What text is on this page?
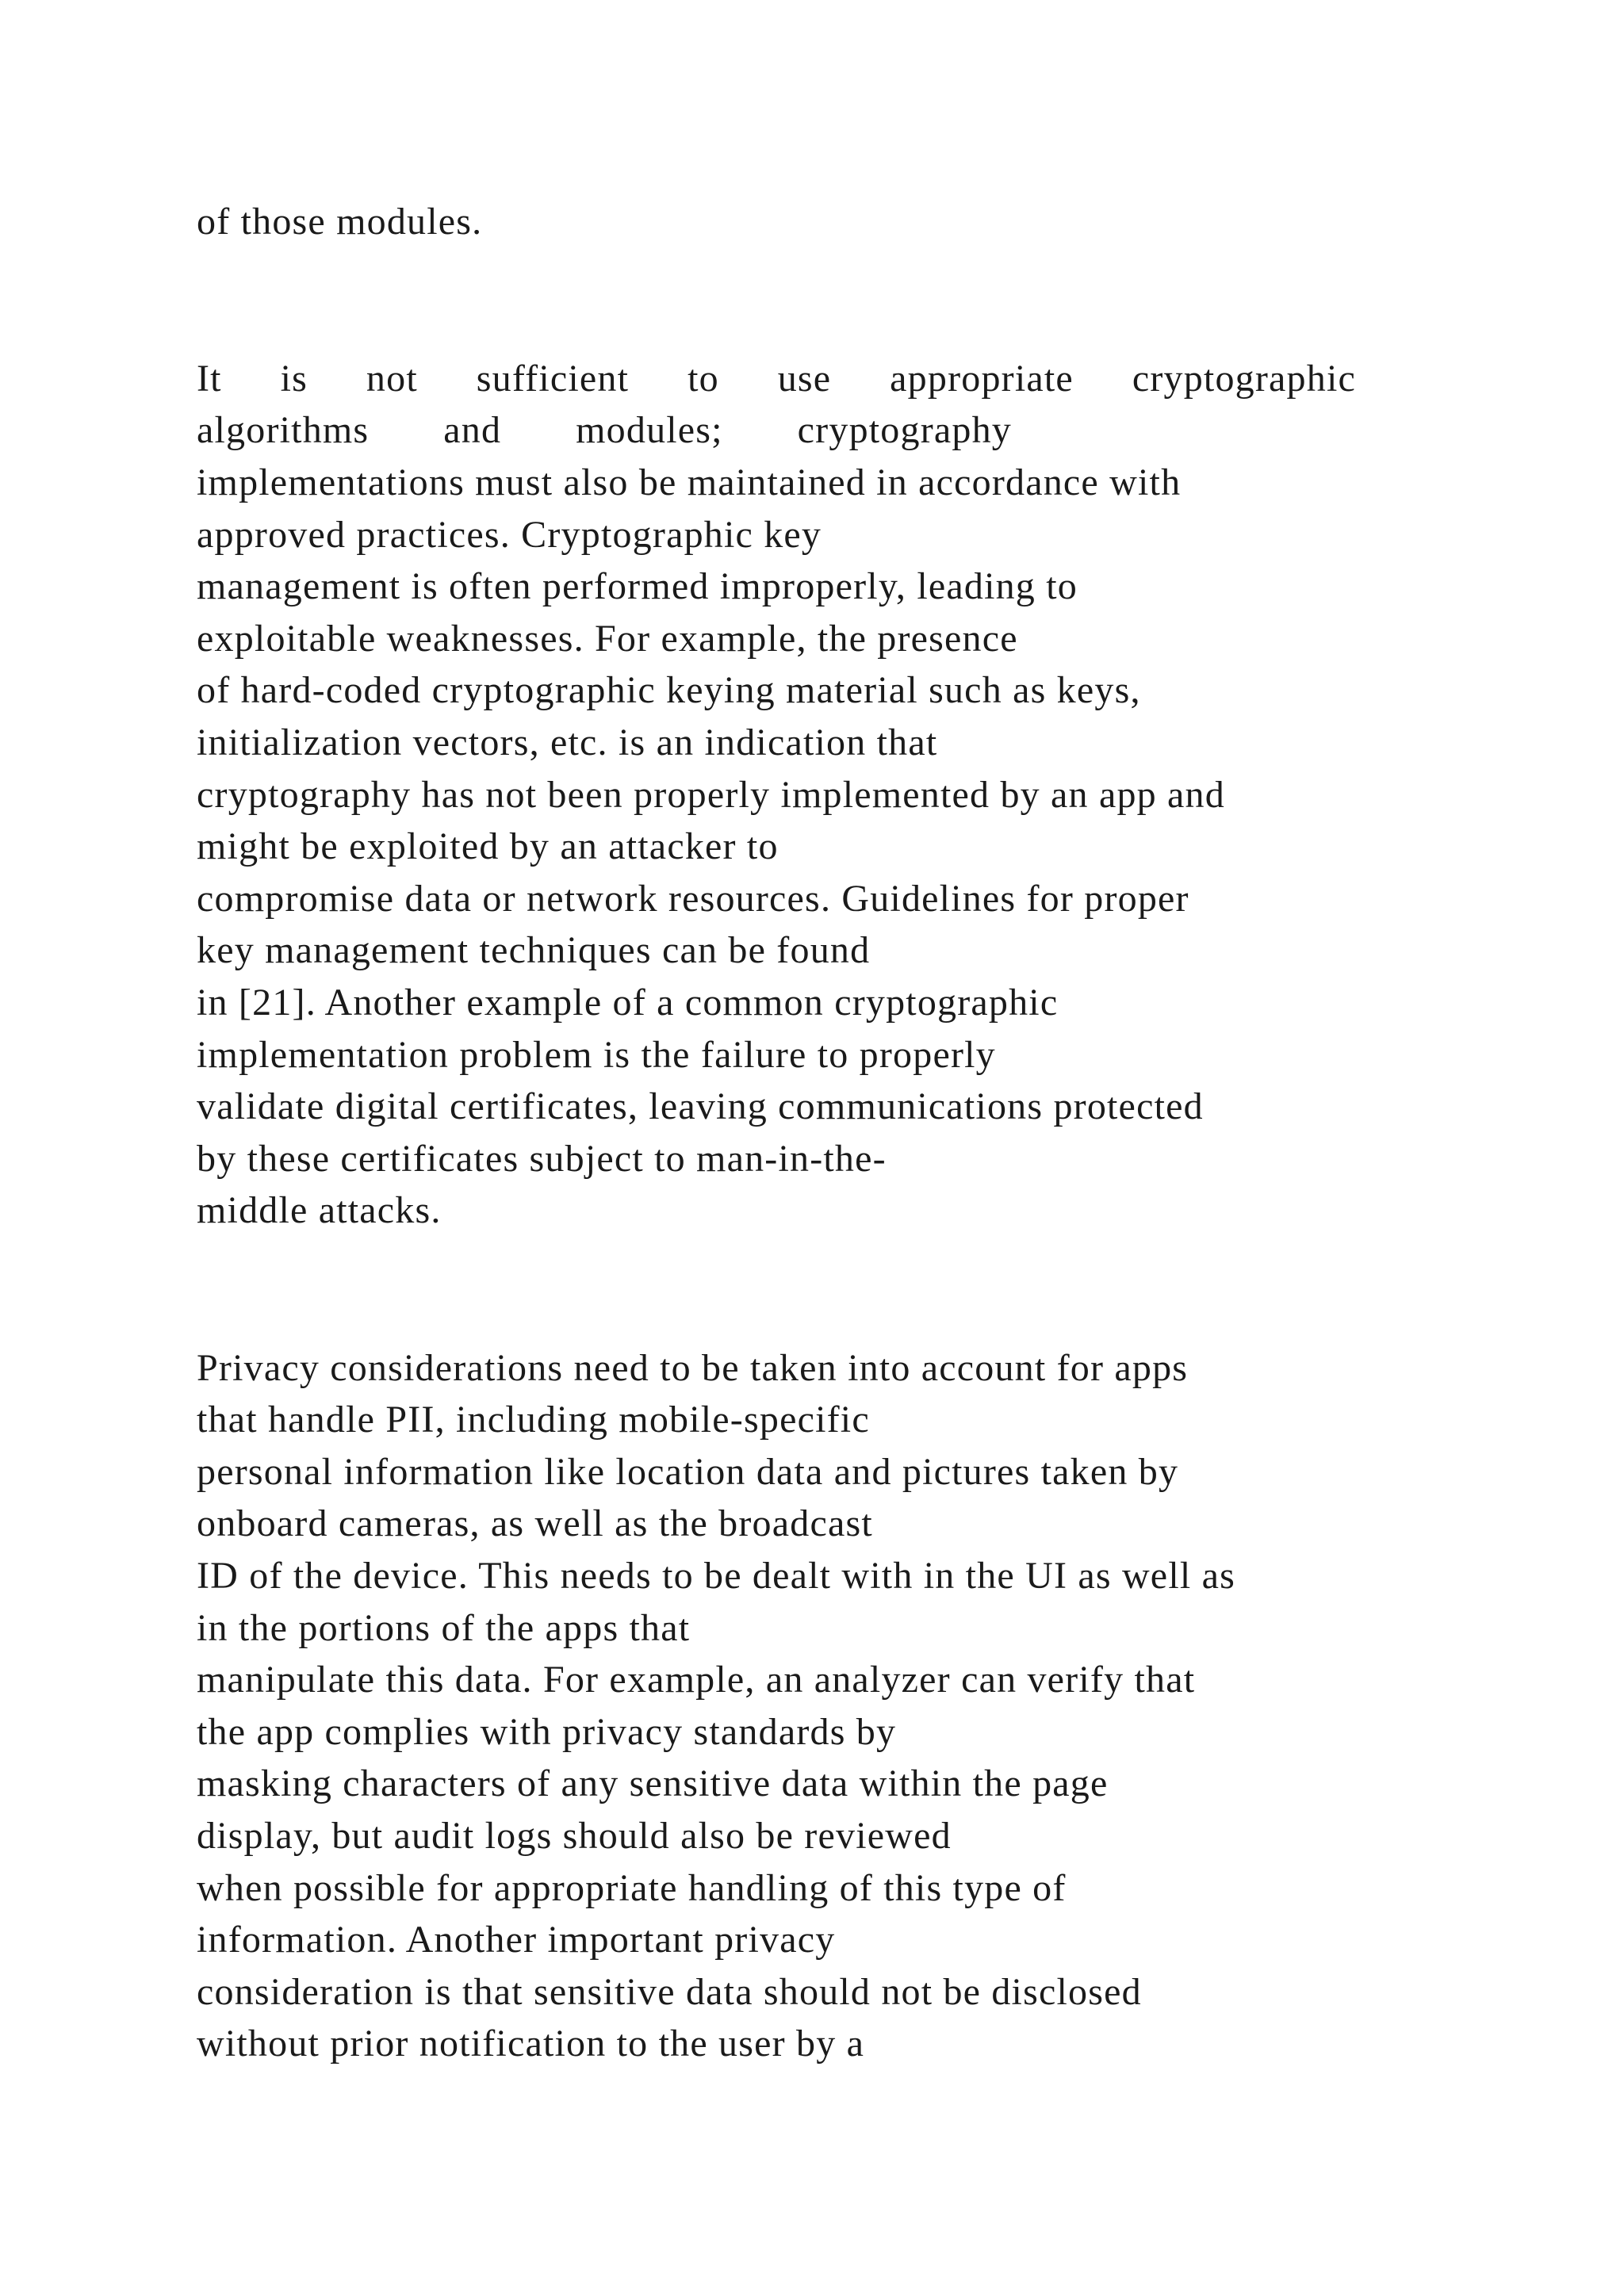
of those modules.
It is not sufficient to use appropriate cryptographic
algorithms and modules; cryptography
implementations must also be maintained in accordance with
approved practices. Cryptographic key
management is often performed improperly, leading to
exploitable weaknesses. For example, the presence
of hard-coded cryptographic keying material such as keys,
initialization vectors, etc. is an indication that
cryptography has not been properly implemented by an app and
might be exploited by an attacker to
compromise data or network resources. Guidelines for proper
key management techniques can be found
in [21]. Another example of a common cryptographic
implementation problem is the failure to properly
validate digital certificates, leaving communications protected
by these certificates subject to man-in-the-
middle attacks.
Privacy considerations need to be taken into account for apps
that handle PII, including mobile-specific
personal information like location data and pictures taken by
onboard cameras, as well as the broadcast
ID of the device. This needs to be dealt with in the UI as well as
in the portions of the apps that
manipulate this data. For example, an analyzer can verify that
the app complies with privacy standards by
masking characters of any sensitive data within the page
display, but audit logs should also be reviewed
when possible for appropriate handling of this type of
information. Another important privacy
consideration is that sensitive data should not be disclosed
without prior notification to the user by a
